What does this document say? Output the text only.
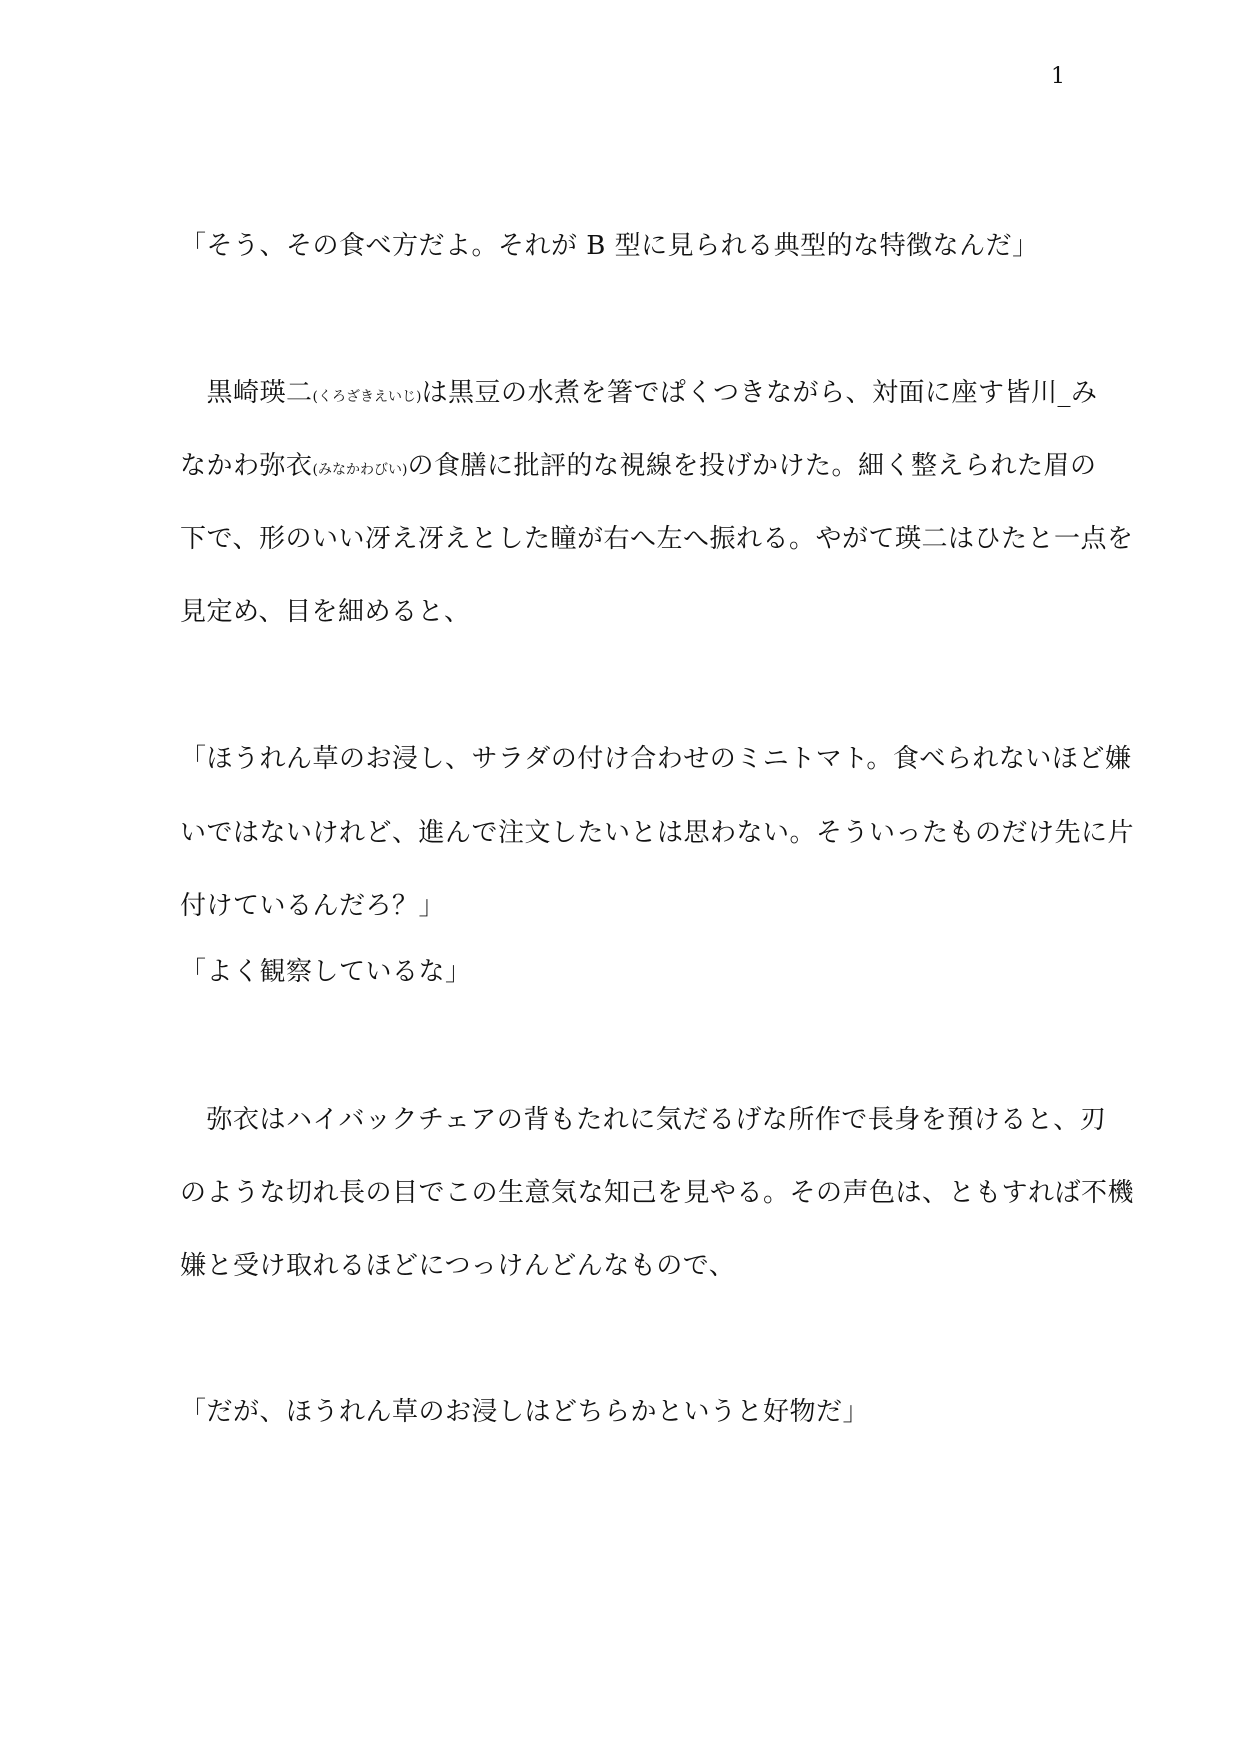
1
「そう、その食べ方だよ。それが B 型に見られる典型的な特徴なんだ」
　黒崎瑛二(くろざきえいじ)は黒豆の水煮を箸でぱくつきながら、対面に座す皆川_み
なかわ弥衣(みなかわびい)の食膳に批評的な視線を投げかけた。細く整えられた眉の
下で、形のいい冴え冴えとした瞳が右へ左へ振れる。やがて瑛二はひたと一点を
見定め、目を細めると、
「ほうれん草のお浸し、サラダの付け合わせのミニトマト。食べられないほど嫌
いではないけれど、進んで注文したいとは思わない。そういったものだけ先に片
付けているんだろ？」
「よく観察しているな」
　弥衣はハイバックチェアの背もたれに気だるげな所作で長身を預けると、刃
のような切れ長の目でこの生意気な知己を見やる。その声色は、ともすれば不機
嫌と受け取れるほどにつっけんどんなもので、
「だが、ほうれん草のお浸しはどちらかというと好物だ」
